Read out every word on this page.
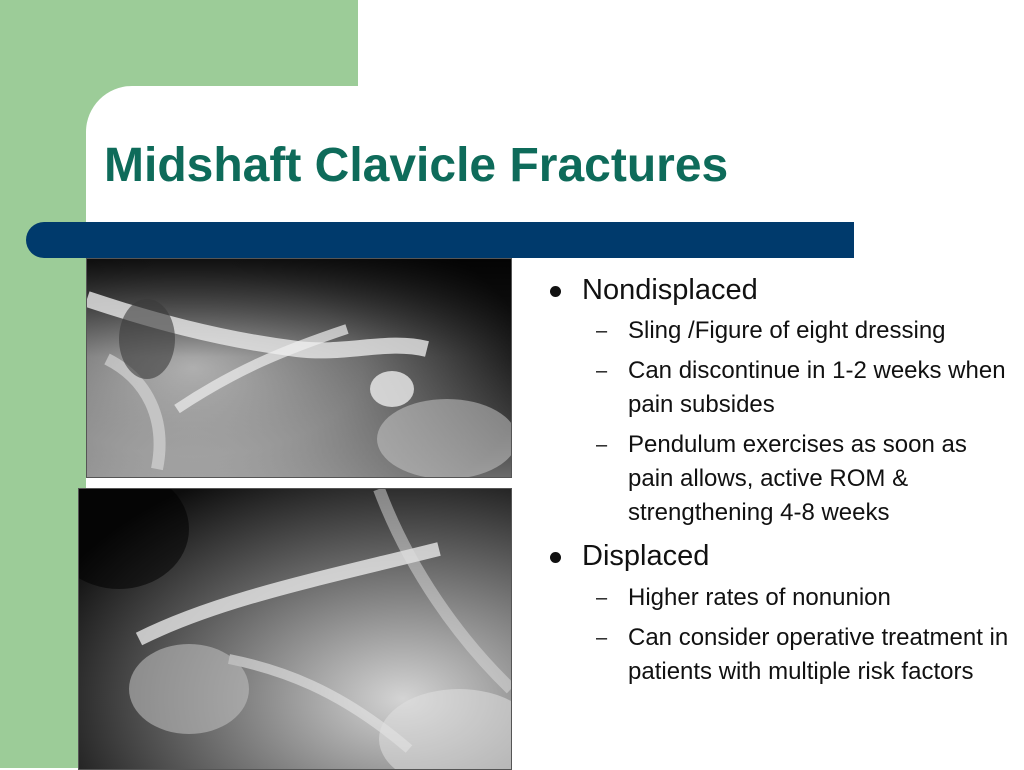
Midshaft Clavicle Fractures
Nondisplaced
– Sling /Figure of eight dressing
– Can discontinue in 1-2 weeks when pain subsides
– Pendulum exercises as soon as pain allows, active ROM & strengthening 4-8 weeks
Displaced
– Higher rates of nonunion
– Can consider operative treatment in patients with multiple risk factors
